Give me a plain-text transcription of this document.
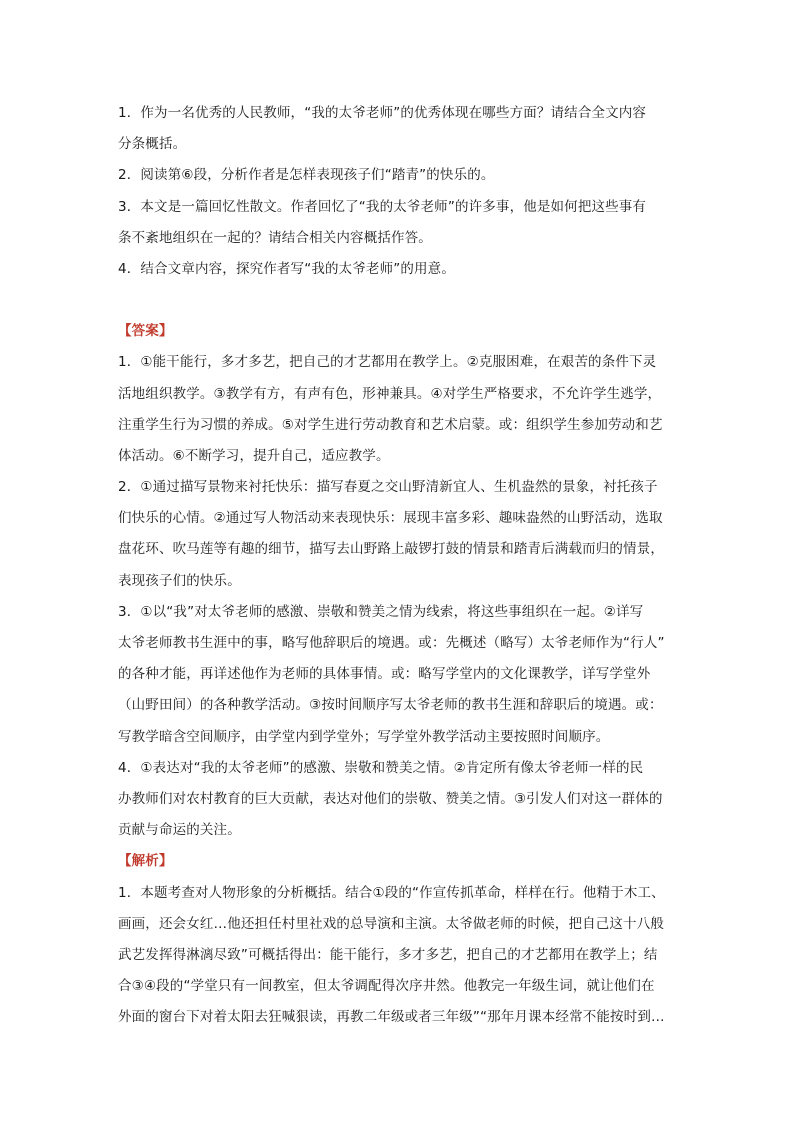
1．作为一名优秀的人民教师，“我的太爷老师”的优秀体现在哪些方面？请结合全文内容
分条概括。
2．阅读第⑥段，分析作者是怎样表现孩子们“踏青”的快乐的。
3．本文是一篇回忆性散文。作者回忆了“我的太爷老师”的许多事，他是如何把这些事有
条不紊地组织在一起的？请结合相关内容概括作答。
4．结合文章内容，探究作者写“我的太爷老师”的用意。
【答案】
1．①能干能行，多才多艺，把自己的才艺都用在教学上。②克服困难，在艰苦的条件下灵
活地组织教学。③教学有方，有声有色，形神兼具。④对学生严格要求，不允许学生逃学，
注重学生行为习惯的养成。⑤对学生进行劳动教育和艺术启蒙。或：组织学生参加劳动和艺
体活动。⑥不断学习，提升自己，适应教学。
2．①通过描写景物来衬托快乐：描写春夏之交山野清新宜人、生机盎然的景象，衬托孩子
们快乐的心情。②通过写人物活动来表现快乐：展现丰富多彩、趣味盎然的山野活动，选取
盘花环、吹马莲等有趣的细节，描写去山野路上敲锣打鼓的情景和踏青后满载而归的情景，
表现孩子们的快乐。
3．①以“我”对太爷老师的感激、崇敬和赞美之情为线索，将这些事组织在一起。②详写
太爷老师教书生涯中的事，略写他辞职后的境遇。或：先概述（略写）太爷老师作为“行人”
的各种才能，再详述他作为老师的具体事情。或：略写学堂内的文化课教学，详写学堂外
（山野田间）的各种教学活动。③按时间顺序写太爷老师的教书生涯和辞职后的境遇。或：
写教学暗含空间顺序，由学堂内到学堂外；写学堂外教学活动主要按照时间顺序。
4．①表达对“我的太爷老师”的感激、崇敬和赞美之情。②肯定所有像太爷老师一样的民
办教师们对农村教育的巨大贡献，表达对他们的崇敬、赞美之情。③引发人们对这一群体的
贡献与命运的关注。
【解析】
1．本题考查对人物形象的分析概括。结合①段的“作宣传抓革命，样样在行。他精于木工、
画画，还会女红…他还担任村里社戏的总导演和主演。太爷做老师的时候，把自己这十八般
武艺发挥得淋漓尽致”可概括得出：能干能行，多才多艺，把自己的才艺都用在教学上；结
合③④段的“学堂只有一间教室，但太爷调配得次序井然。他教完一年级生词，就让他们在
外面的窗台下对着太阳去狂喊狠读，再教二年级或者三年级”“那年月课本经常不能按时到…
